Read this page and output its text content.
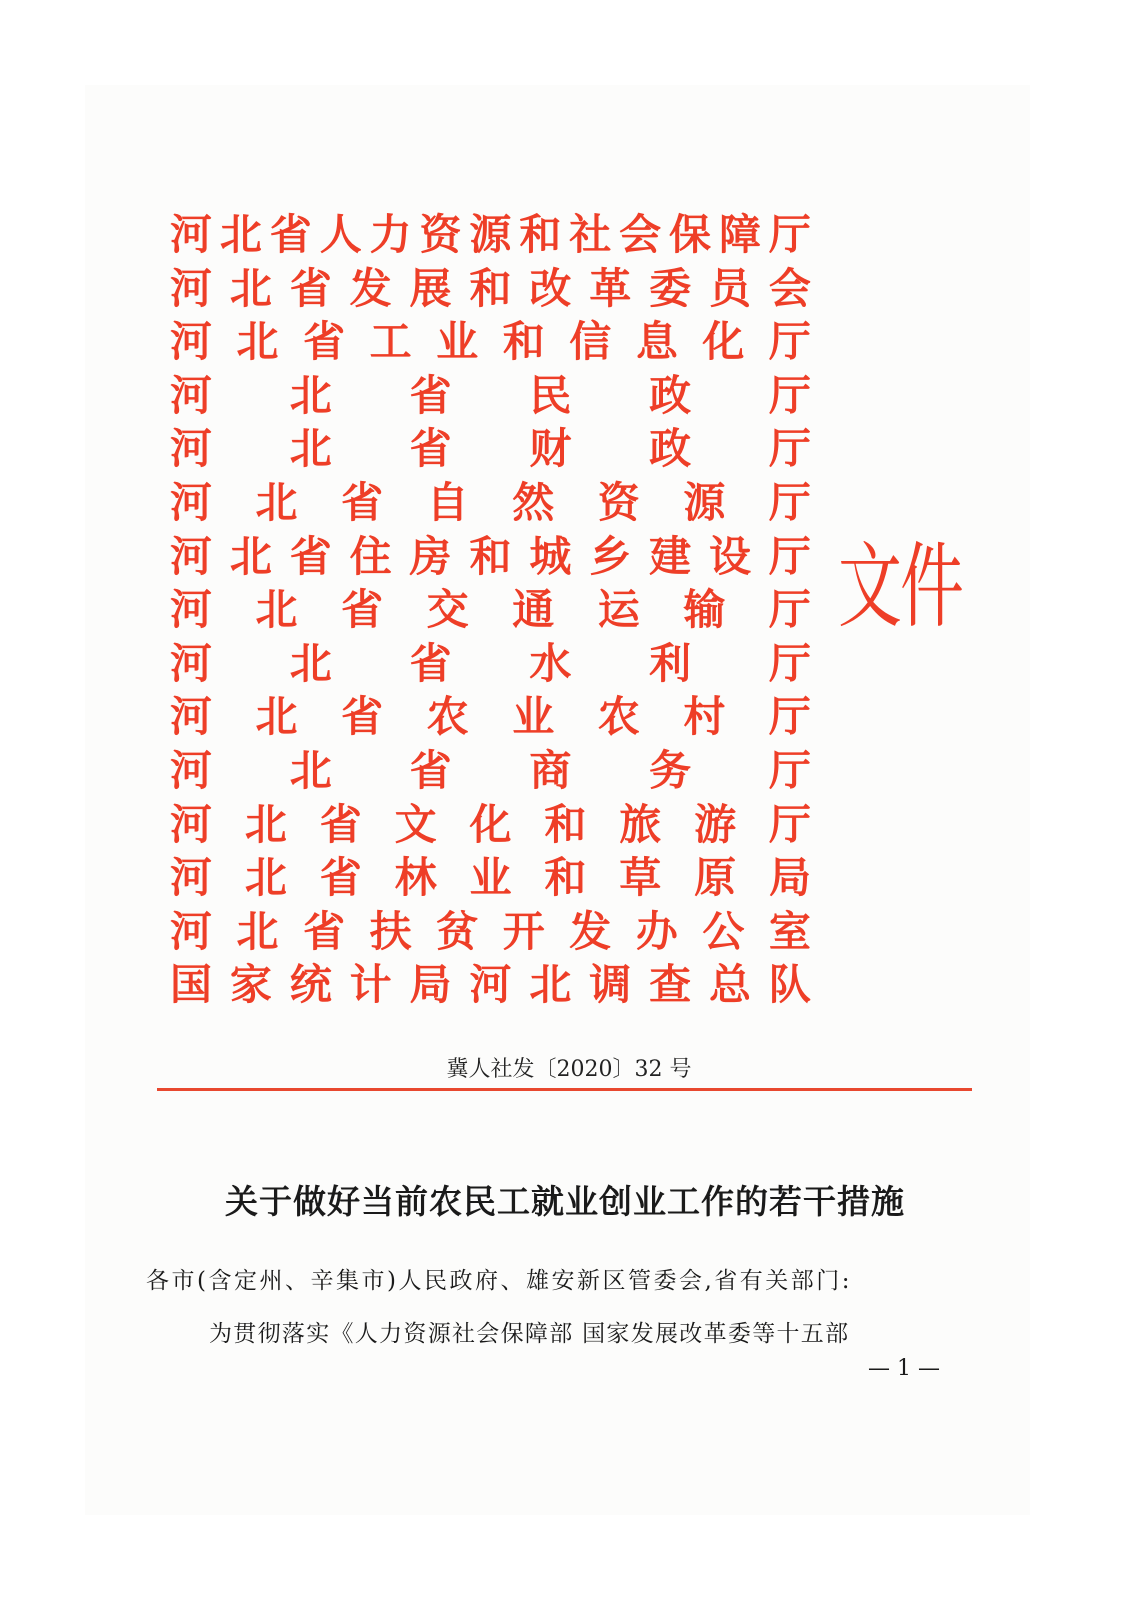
河 北 省 人 力 资 源 和 社 会 保 障 厅
河 北 省 发 展 和 改 革 委 员 会
河 北 省 工 业 和 信 息 化 厅
河 北 省 民 政 厅
河 北 省 财 政 厅
河 北 省 自 然 资 源 厅
河 北 省 住 房 和 城 乡 建 设 厅
河 北 省 交 通 运 输 厅
河 北 省 水 利 厅
河 北 省 农 业 农 村 厅
河 北 省 商 务 厅
河 北 省 文 化 和 旅 游 厅
河 北 省 林 业 和 草 原 局
河 北 省 扶 贫 开 发 办 公 室
国 家 统 计 局 河 北 调 查 总 队
文件
冀人社发〔2020〕32 号
关于做好当前农民工就业创业工作的若干措施
各市(含定州、辛集市)人民政府、雄安新区管委会,省有关部门:
为贯彻落实《人力资源社会保障部 国家发展改革委等十五部
— 1 —
